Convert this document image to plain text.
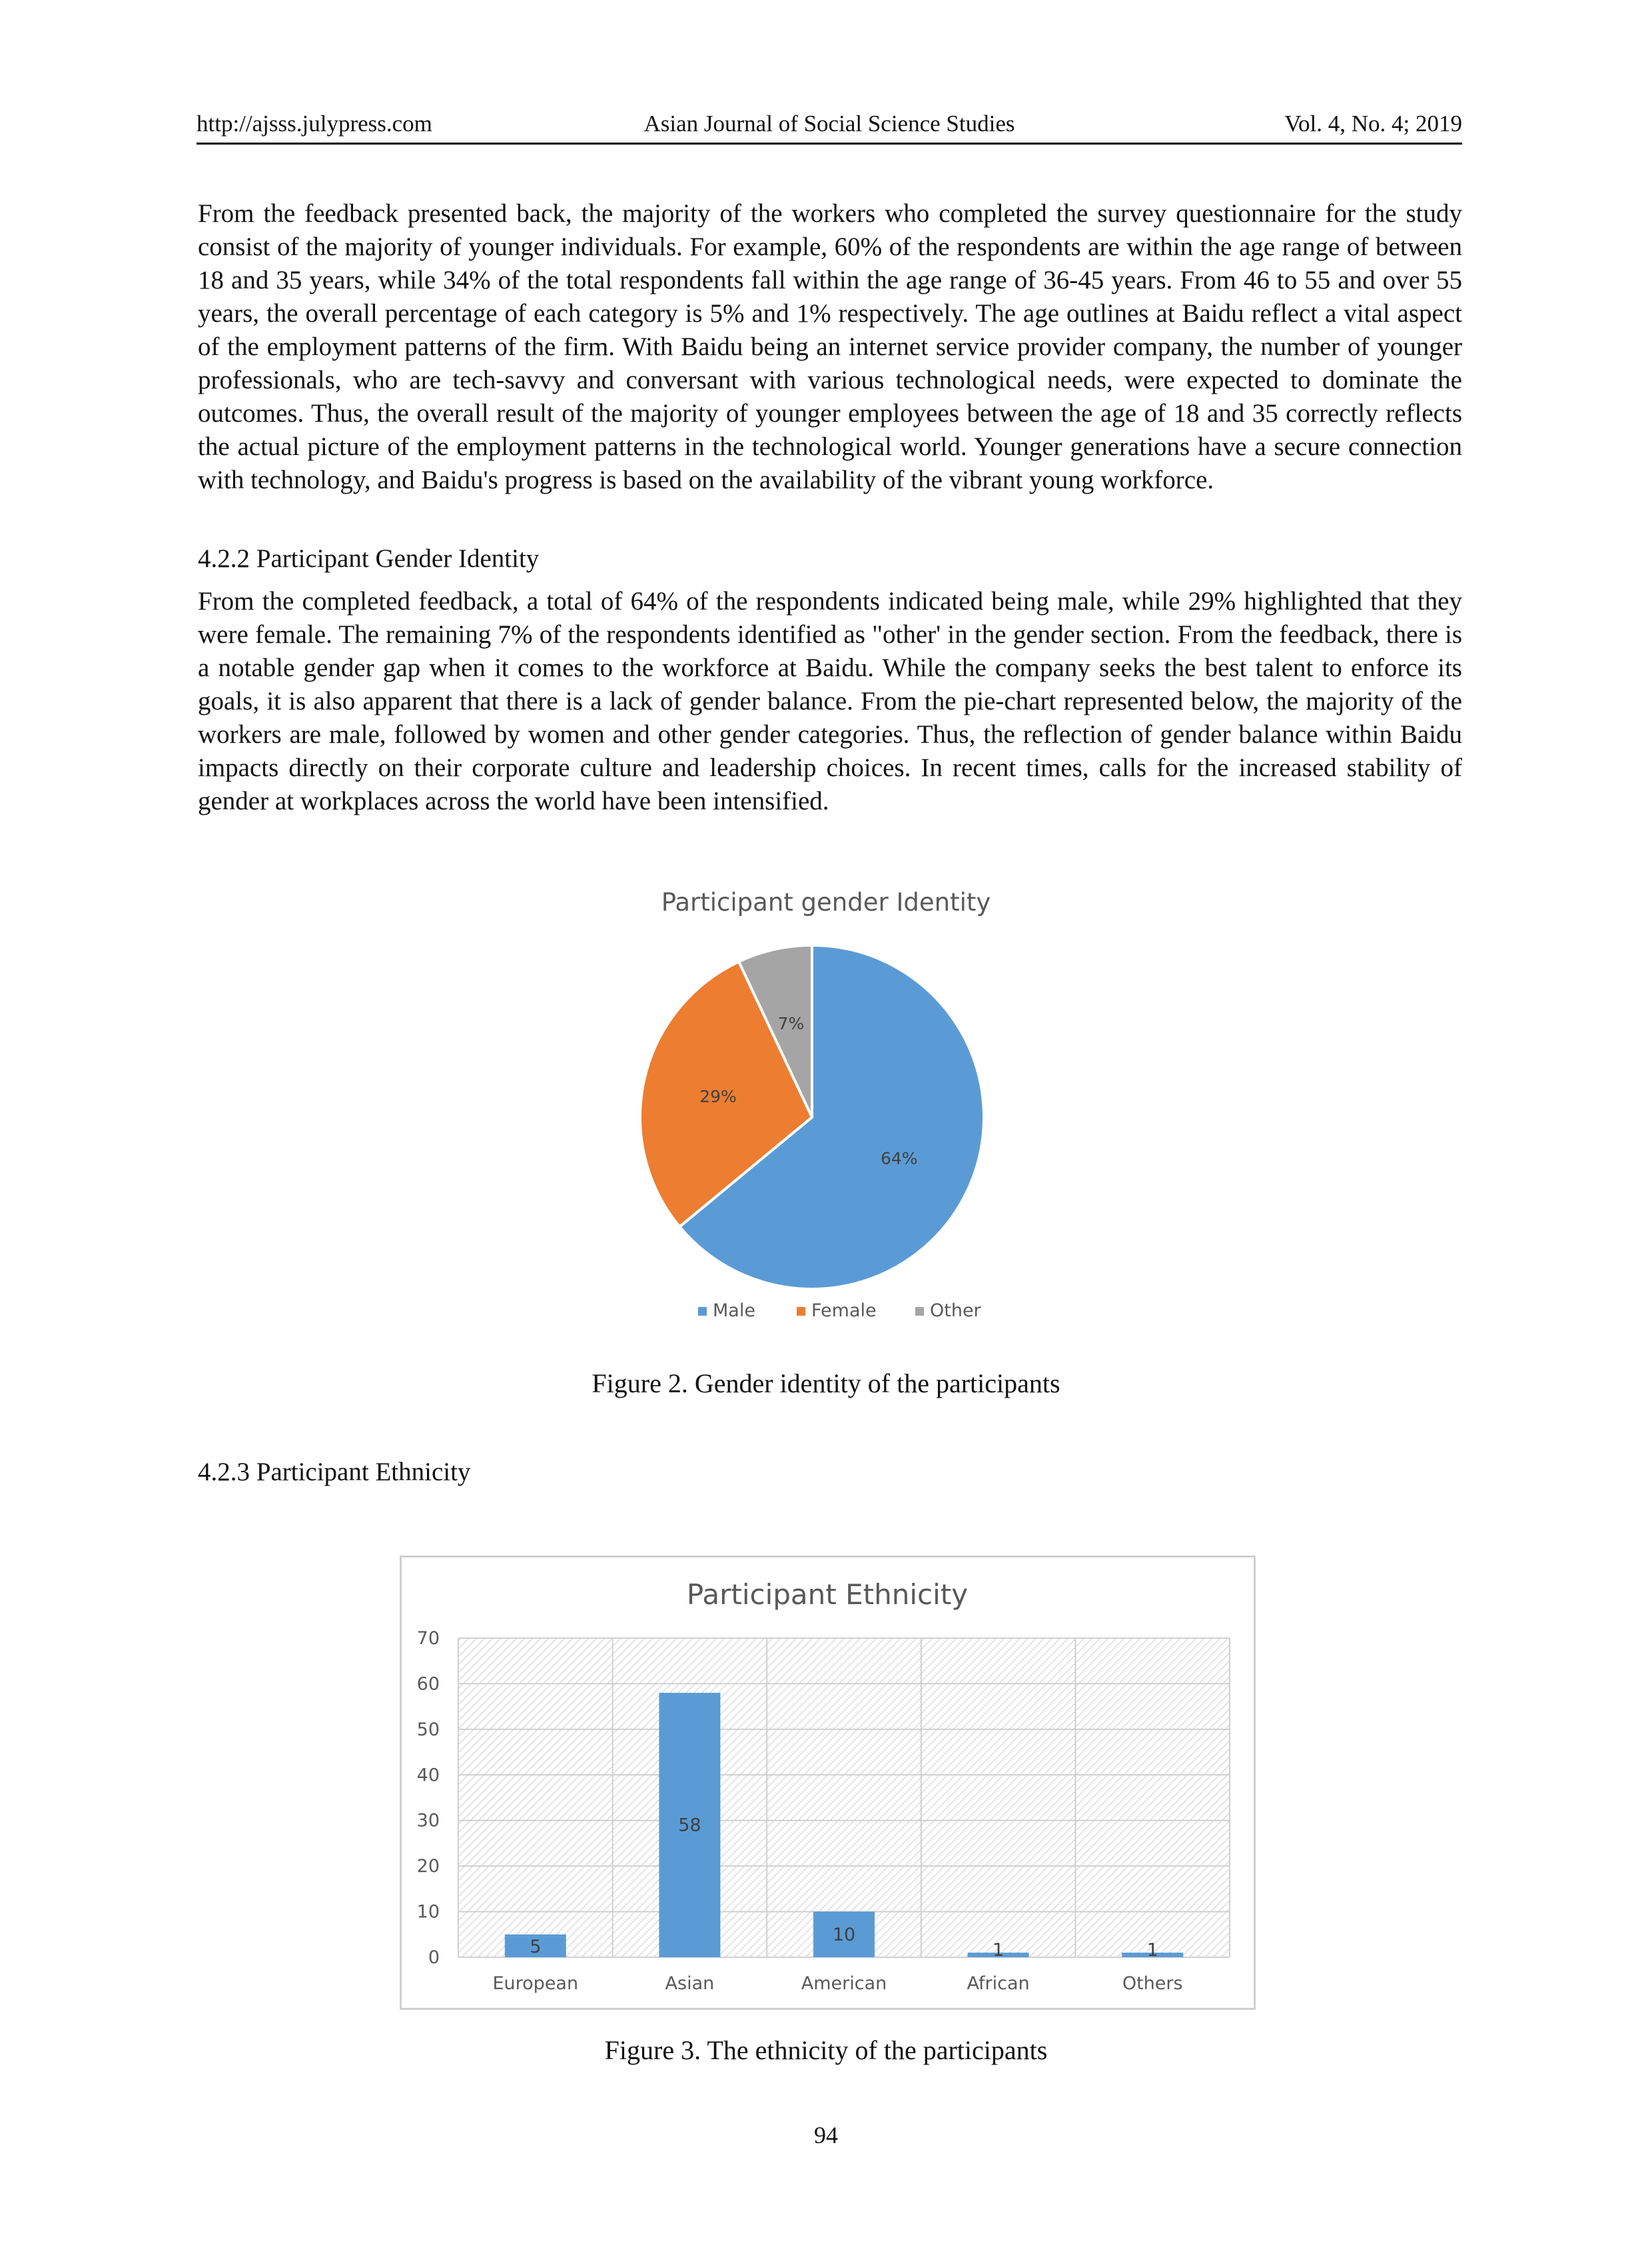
http://ajsss.julypress.com	Asian Journal of Social Science Studies	Vol. 4, No. 4; 2019

From the feedback presented back, the majority of the workers who completed the survey questionnaire for the study consist of the majority of younger individuals. For example, 60% of the respondents are within the age range of between 18 and 35 years, while 34% of the total respondents fall within the age range of 36-45 years. From 46 to 55 and over 55 years, the overall percentage of each category is 5% and 1% respectively. The age outlines at Baidu reflect a vital aspect of the employment patterns of the firm. With Baidu being an internet service provider company, the number of younger professionals, who are tech-savvy and conversant with various technological needs, were expected to dominate the outcomes. Thus, the overall result of the majority of younger employees between the age of 18 and 35 correctly reflects the actual picture of the employment patterns in the technological world. Younger generations have a secure connection with technology, and Baidu's progress is based on the availability of the vibrant young workforce.

4.2.2 Participant Gender Identity

From the completed feedback, a total of 64% of the respondents indicated being male, while 29% highlighted that they were female. The remaining 7% of the respondents identified as "other' in the gender section. From the feedback, there is a notable gender gap when it comes to the workforce at Baidu. While the company seeks the best talent to enforce its goals, it is also apparent that there is a lack of gender balance. From the pie-chart represented below, the majority of the workers are male, followed by women and other gender categories. Thus, the reflection of gender balance within Baidu impacts directly on their corporate culture and leadership choices. In recent times, calls for the increased stability of gender at workplaces across the world have been intensified.

Participant gender Identity
64%
29%
7%
Male	Female	Other
Figure 2. Gender identity of the participants

4.2.3 Participant Ethnicity

Participant Ethnicity
0
10
20
30
40
50
60
70
5
58
10
1	1
European	Asian	American	African	Others
Figure 3. The ethnicity of the participants
94
